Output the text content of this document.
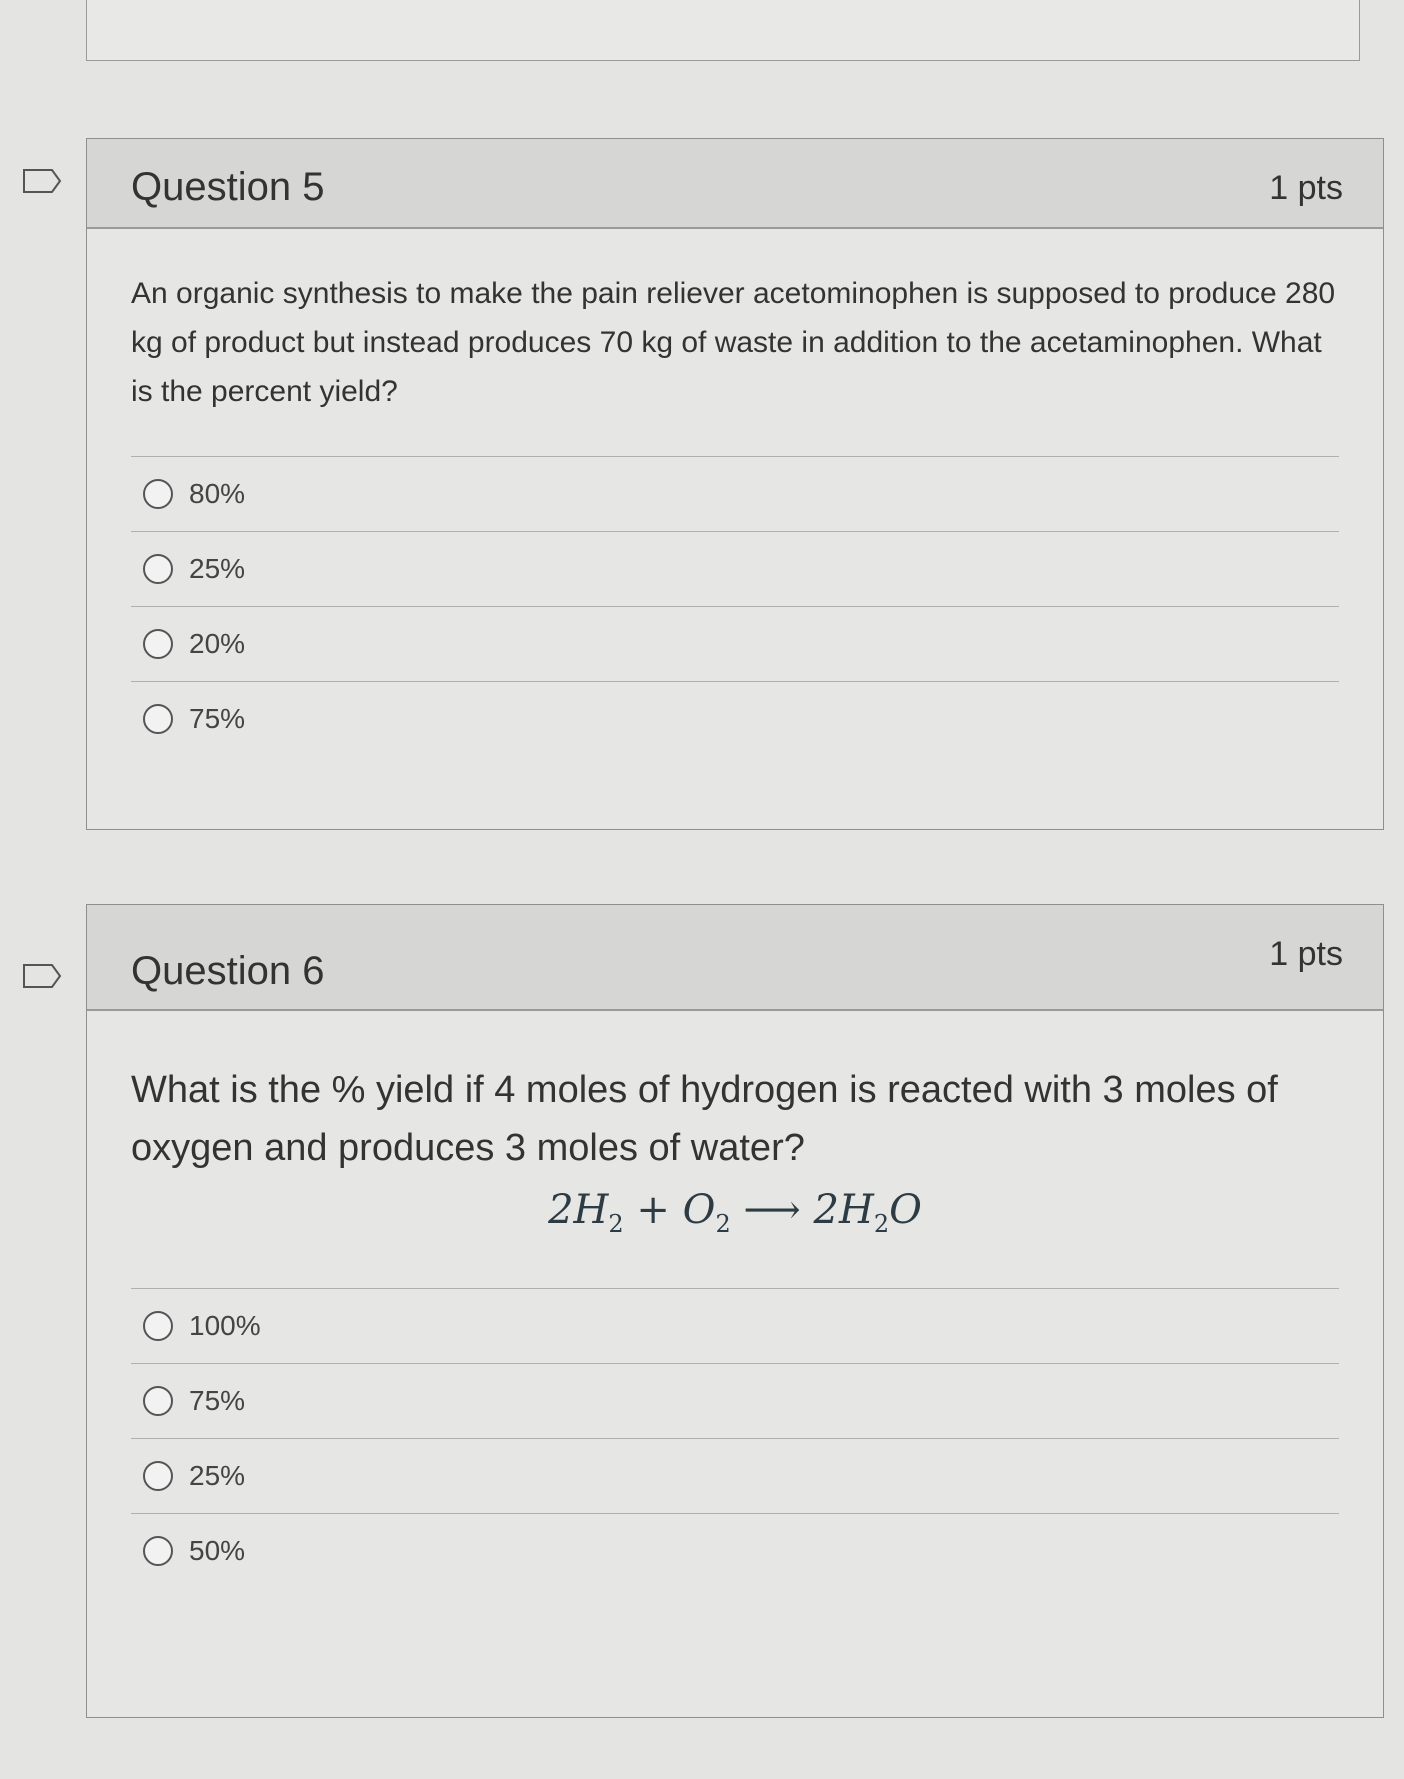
Question 5	1 pts
An organic synthesis to make the pain reliever acetominophen is supposed to produce 280 kg of product but instead produces 70 kg of waste in addition to the acetaminophen. What is the percent yield?
80%
25%
20%
75%
Question 6	1 pts
What is the % yield if 4 moles of hydrogen is reacted with 3 moles of oxygen and produces 3 moles of water?
$2H_2 + O_2$ ⟶ $2H_2O$
100%
75%
25%
50%
